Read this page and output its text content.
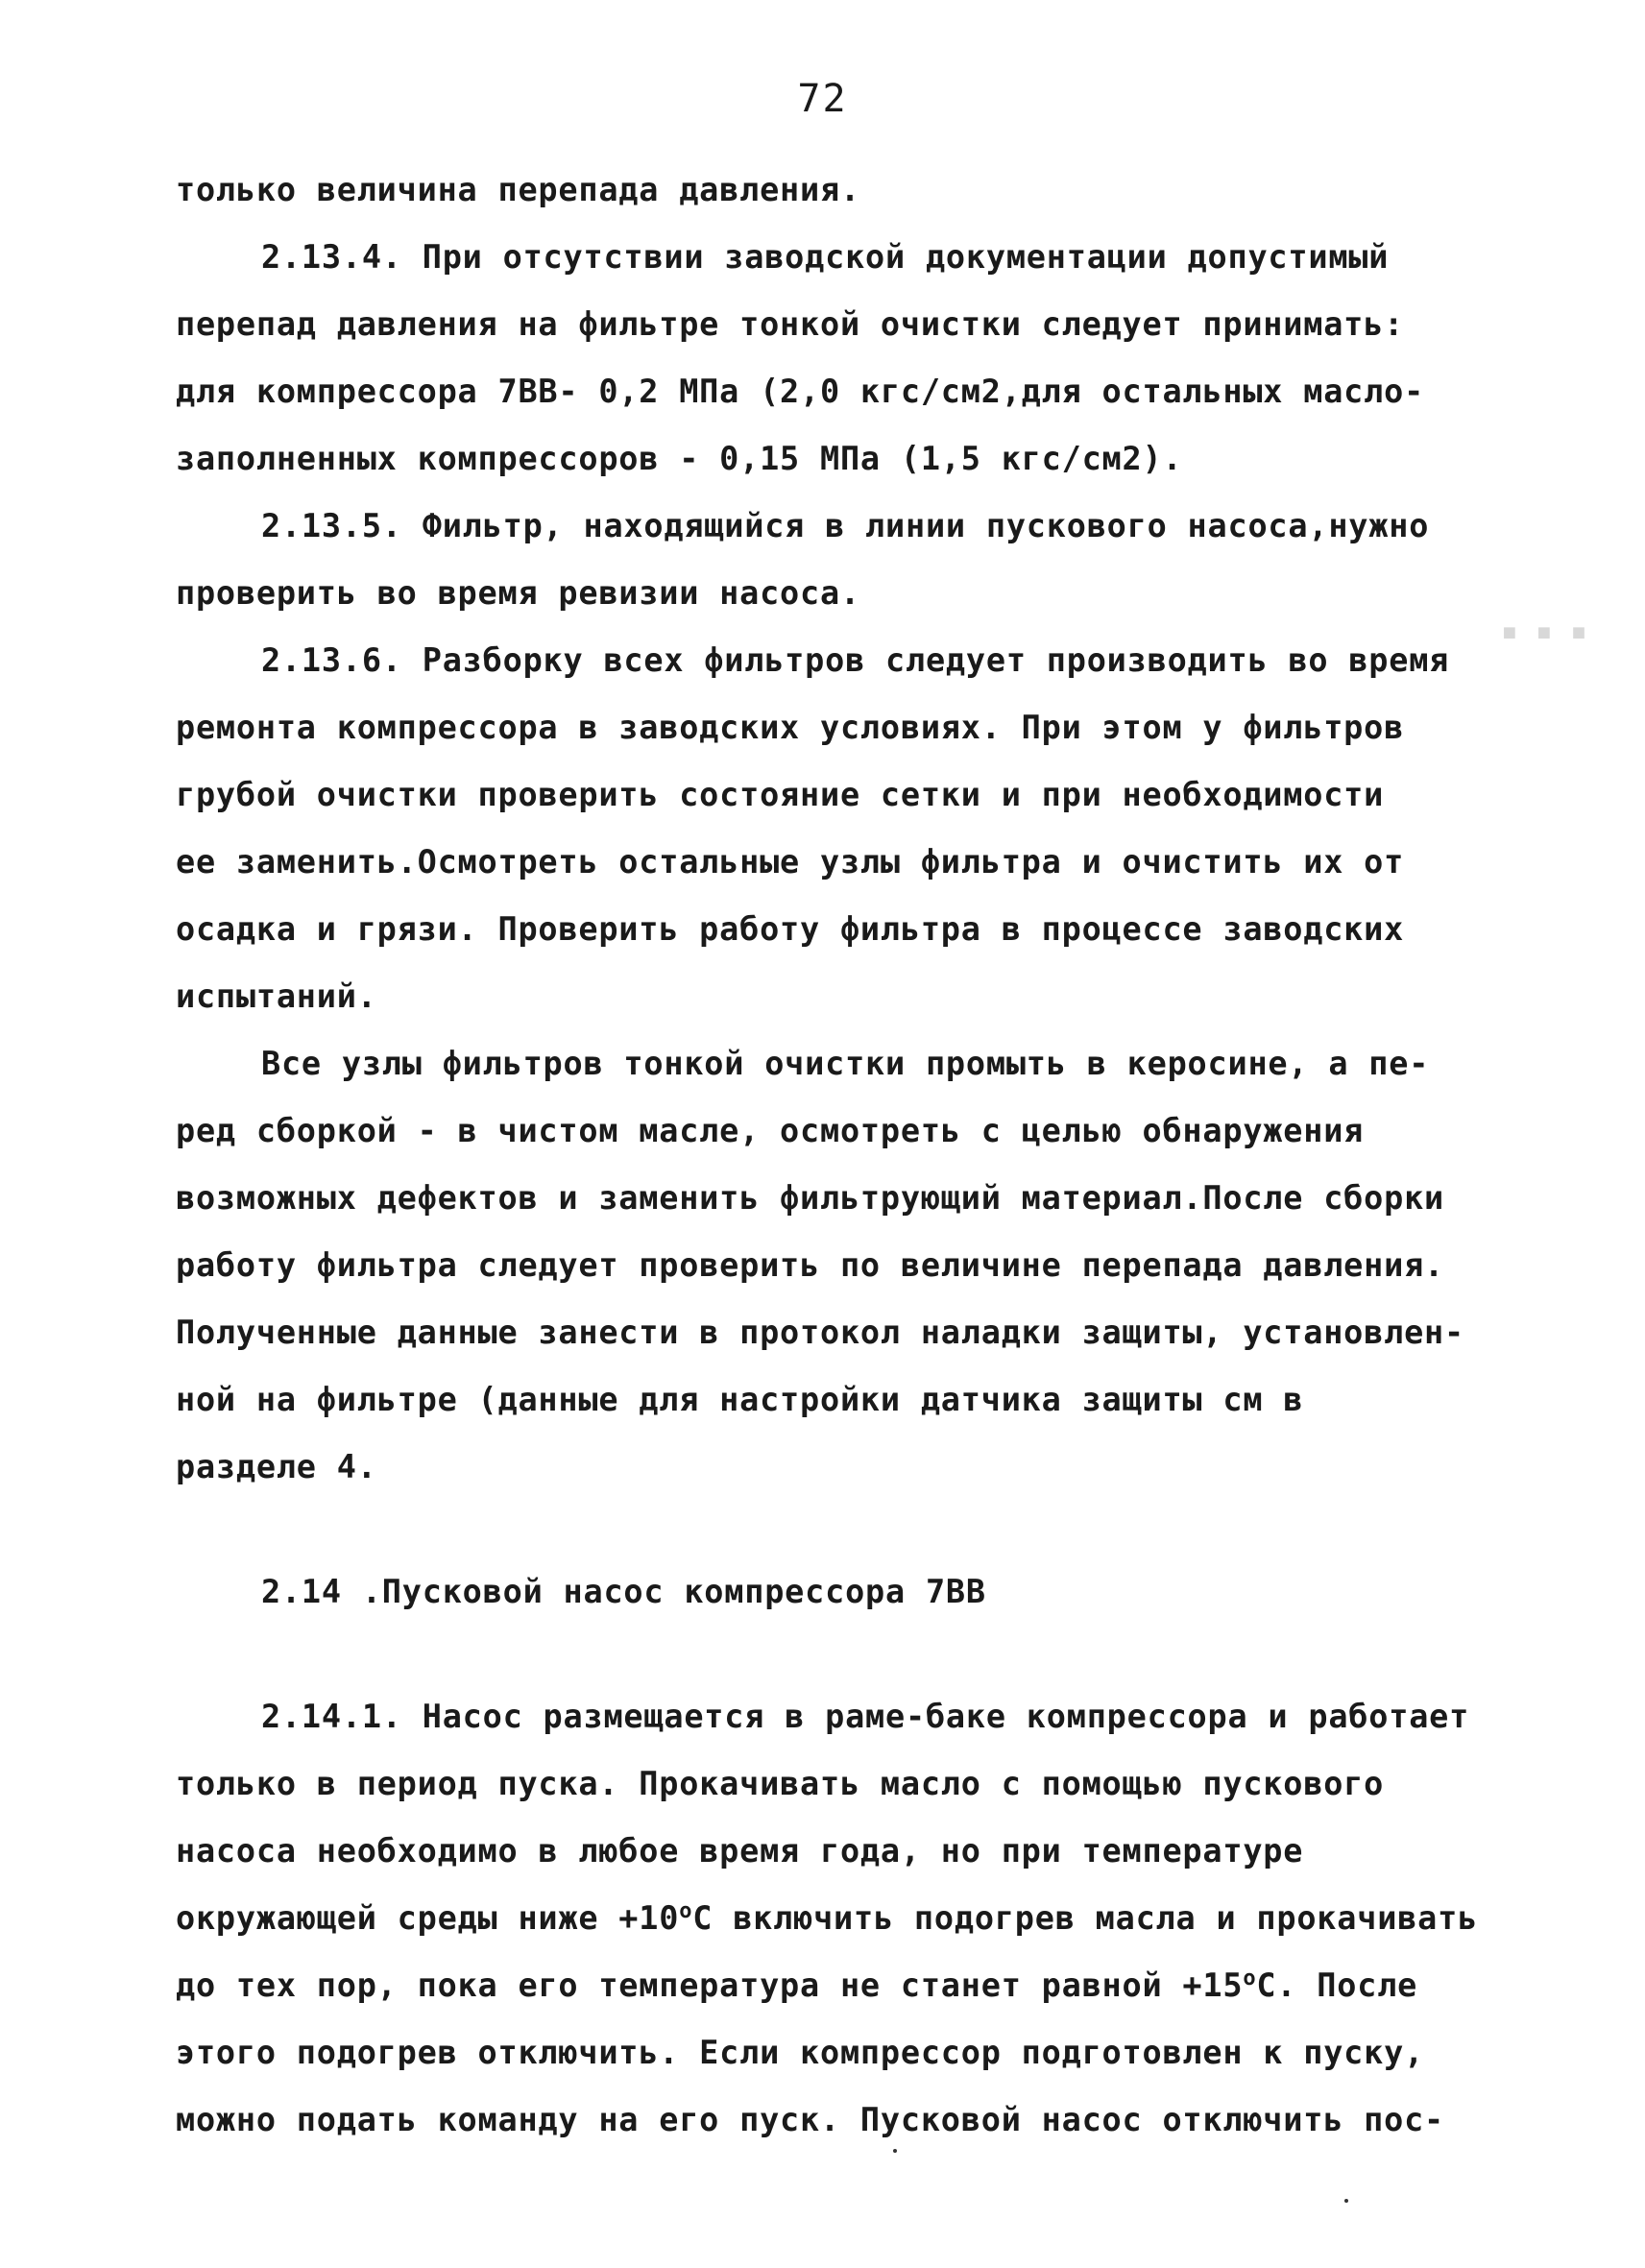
▪ ▪ ▪
72
только величина перепада давления.
2.13.4. При отсутствии заводской документации допустимый
перепад давления на фильтре тонкой очистки следует принимать:
для компрессора 7ВВ- 0,2 МПа (2,0 кгс/см2,для остальных масло-
заполненных компрессоров - 0,15 МПа (1,5 кгс/см2).
2.13.5. Фильтр, находящийся в линии пускового насоса,нужно
проверить во время ревизии насоса.
2.13.6. Разборку всех фильтров следует производить во время
ремонта компрессора в заводских условиях. При этом у фильтров
грубой очистки проверить состояние сетки и при необходимости
ее заменить.Осмотреть остальные узлы фильтра и очистить их от
осадка и грязи. Проверить работу фильтра в процессе заводских
испытаний.
Все узлы фильтров тонкой очистки промыть в керосине, а пе-
ред сборкой - в чистом масле, осмотреть с целью обнаружения
возможных дефектов и заменить фильтрующий материал.После сборки
работу фильтра следует проверить по величине перепада давления.
Полученные данные занести в протокол наладки защиты, установлен-
ной на фильтре (данные для настройки датчика защиты см в
разделе 4.
2.14 .Пусковой насос компрессора 7ВВ
2.14.1. Насос размещается в раме-баке компрессора и работает
только в период пуска. Прокачивать масло с помощью пускового
насоса необходимо в любое время года, но при температуре
окружающей среды ниже $+10^оС$ включить подогрев масла и прокачивать
до тех пор, пока его температура не станет равной $+15^оС$. После
этого подогрев отключить. Если компрессор подготовлен к пуску,
можно подать команду на его пуск. Пусковой насос отключить пос-
